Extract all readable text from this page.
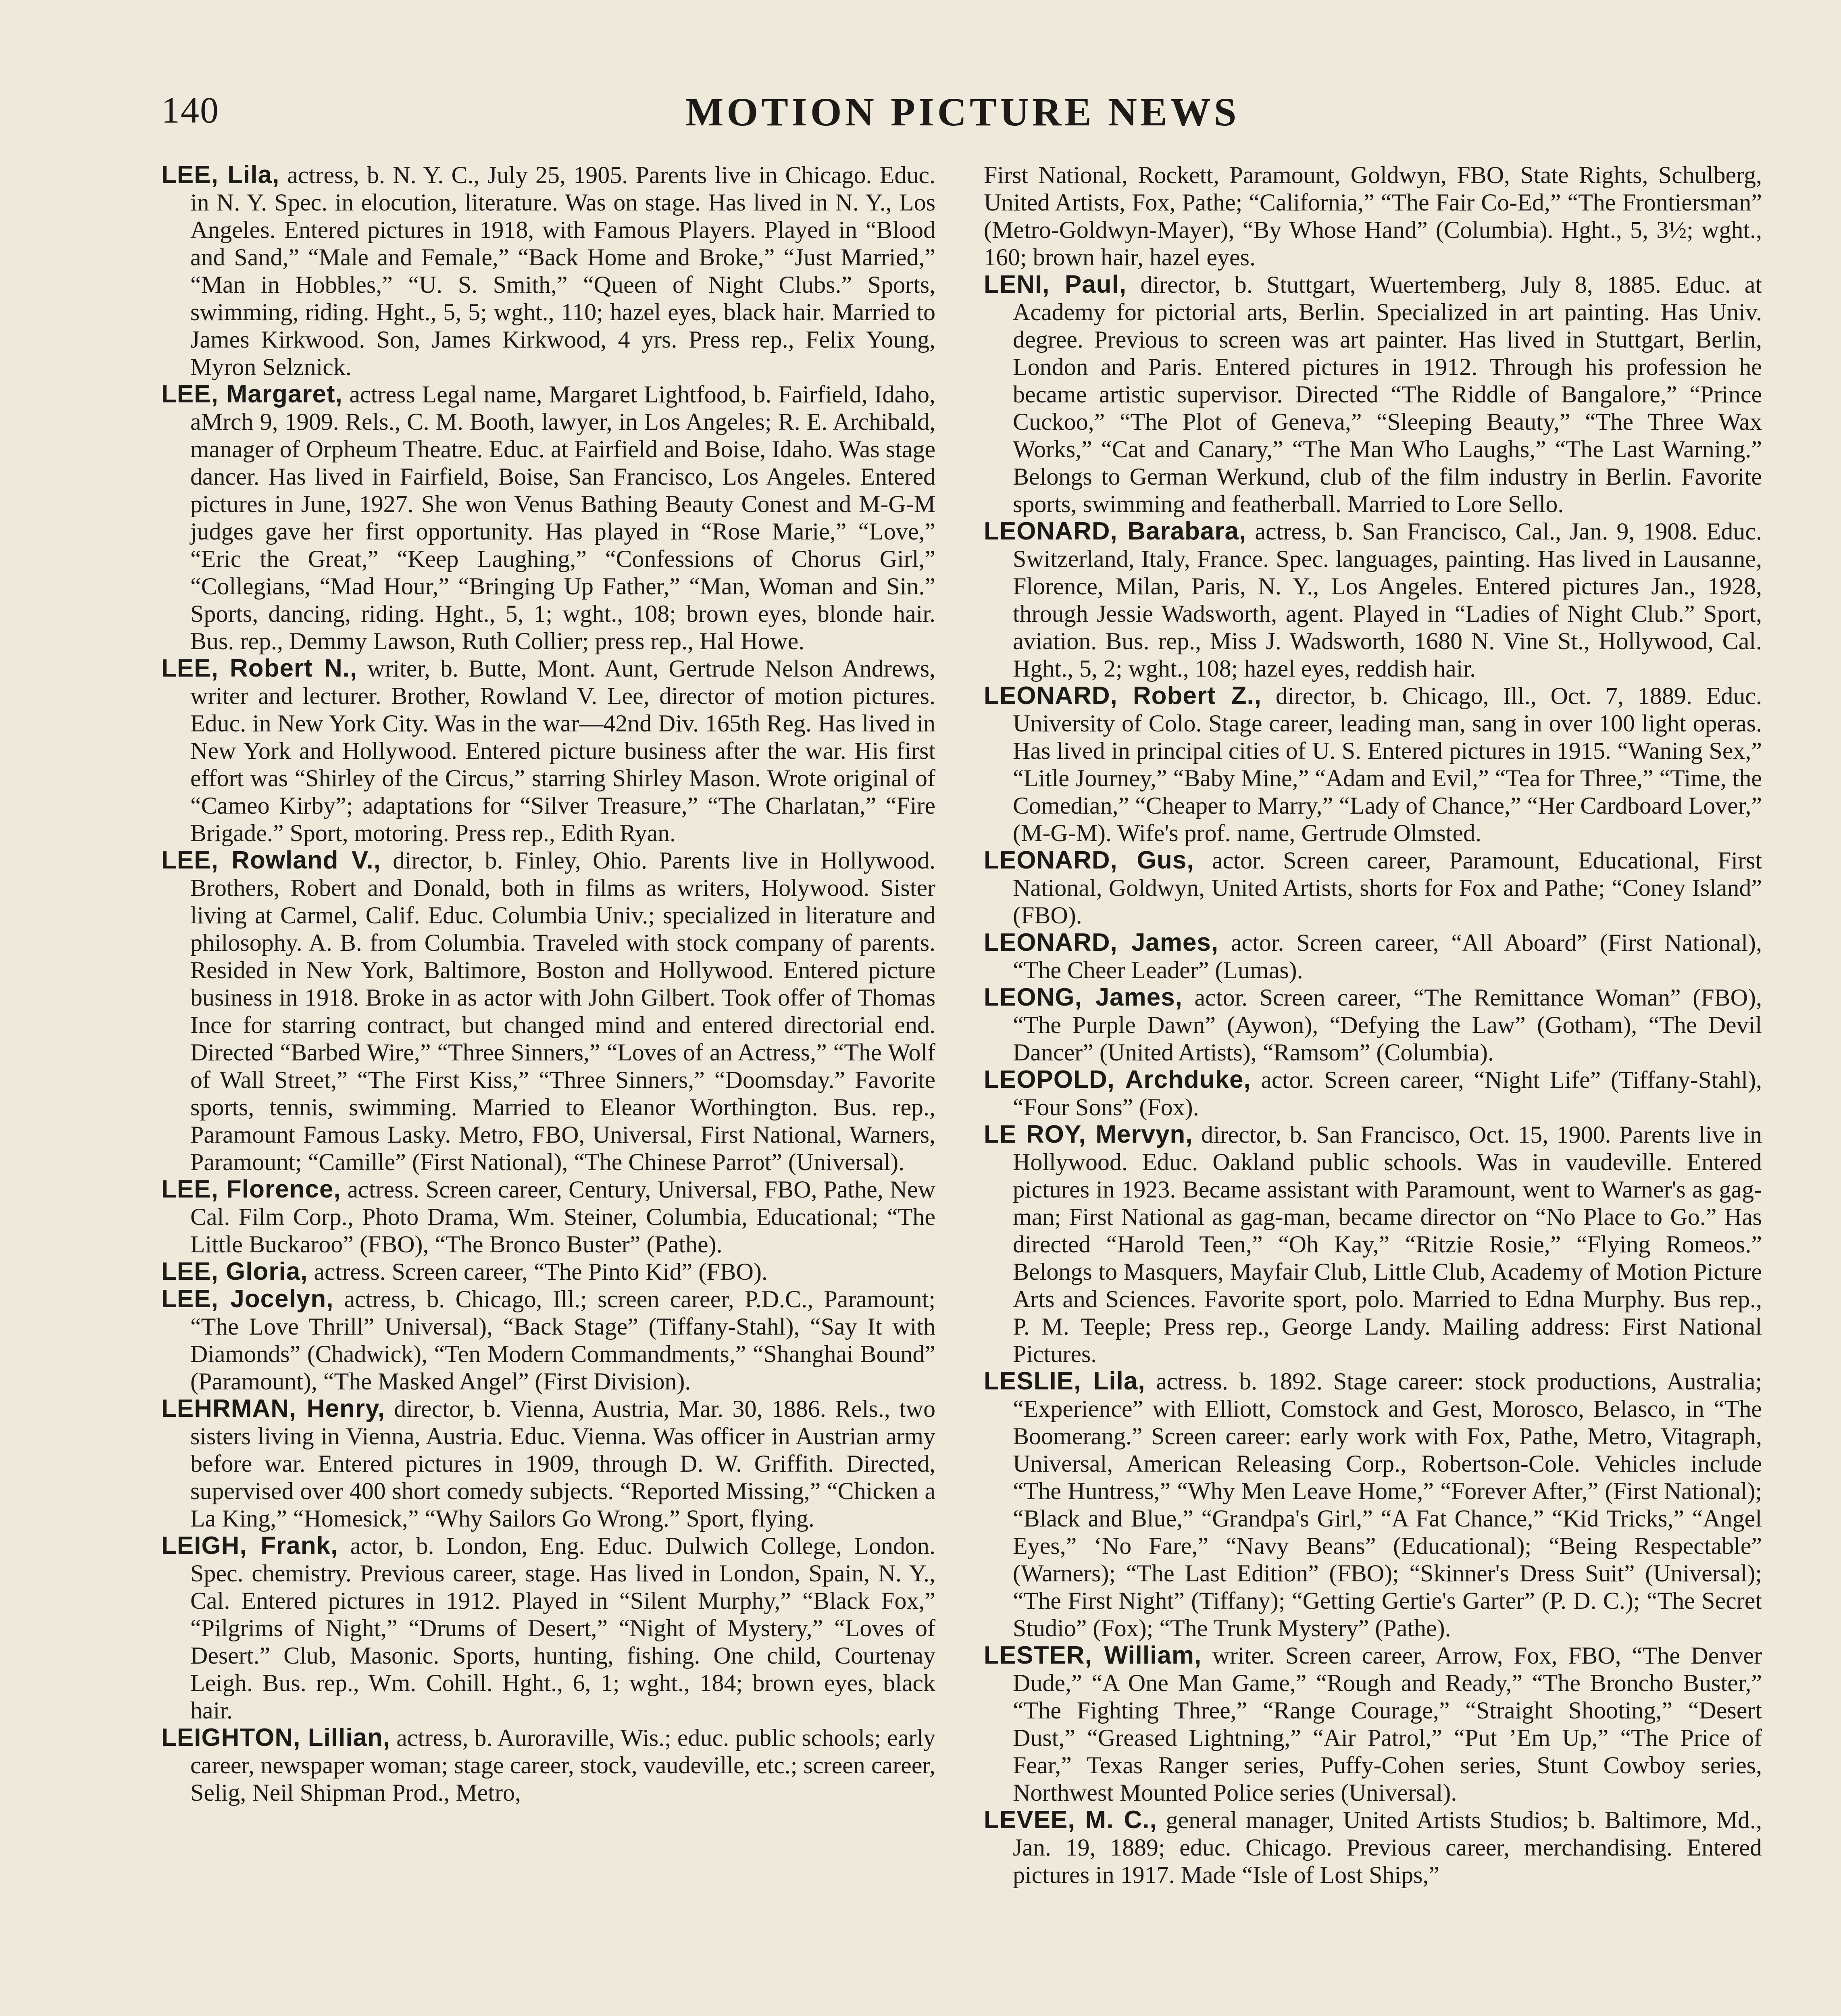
140	MOTION PICTURE NEWS

LEE, Lila, actress, b. N. Y. C., July 25, 1905. Parents live in Chicago. Educ. in N. Y. Spec. in elocution, literature. Was on stage. Has lived in N. Y., Los Angeles. Entered pictures in 1918, with Famous Players. Played in “Blood and Sand,” “Male and Female,” “Back Home and Broke,” “Just Married,” “Man in Hobbles,” “U. S. Smith,” “Queen of Night Clubs.” Sports, swimming, riding. Hght., 5, 5; wght., 110; hazel eyes, black hair. Married to James Kirkwood. Son, James Kirkwood, 4 yrs. Press rep., Felix Young, Myron Selznick.

LEE, Margaret, actress Legal name, Margaret Lightfood, b. Fairfield, Idaho, aMrch 9, 1909. Rels., C. M. Booth, lawyer, in Los Angeles; R. E. Archibald, manager of Orpheum Theatre. Educ. at Fairfield and Boise, Idaho. Was stage dancer. Has lived in Fairfield, Boise, San Francisco, Los Angeles. Entered pictures in June, 1927. She won Venus Bathing Beauty Conest and M-G-M judges gave her first opportunity. Has played in “Rose Marie,” “Love,” “Eric the Great,” “Keep Laughing,” “Confessions of Chorus Girl,” “Collegians, “Mad Hour,” “Bringing Up Father,” “Man, Woman and Sin.” Sports, dancing, riding. Hght., 5, 1; wght., 108; brown eyes, blonde hair. Bus. rep., Demmy Lawson, Ruth Collier; press rep., Hal Howe.

LEE, Robert N., writer, b. Butte, Mont. Aunt, Gertrude Nelson Andrews, writer and lecturer. Brother, Rowland V. Lee, director of motion pictures. Educ. in New York City. Was in the war—42nd Div. 165th Reg. Has lived in New York and Hollywood. Entered picture business after the war. His first effort was “Shirley of the Circus,” starring Shirley Mason. Wrote original of “Cameo Kirby”; adaptations for “Silver Treasure,” “The Charlatan,” “Fire Brigade.” Sport, motoring. Press rep., Edith Ryan.

LEE, Rowland V., director, b. Finley, Ohio. Parents live in Hollywood. Brothers, Robert and Donald, both in films as writers, Holywood. Sister living at Carmel, Calif. Educ. Columbia Univ.; specialized in literature and philosophy. A. B. from Columbia. Traveled with stock company of parents. Resided in New York, Baltimore, Boston and Hollywood. Entered picture business in 1918. Broke in as actor with John Gilbert. Took offer of Thomas Ince for starring contract, but changed mind and entered directorial end. Directed “Barbed Wire,” “Three Sinners,” “Loves of an Actress,” “The Wolf of Wall Street,” “The First Kiss,” “Three Sinners,” “Doomsday.” Favorite sports, tennis, swimming. Married to Eleanor Worthington. Bus. rep., Paramount Famous Lasky. Metro, FBO, Universal, First National, Warners, Paramount; “Camille” (First National), “The Chinese Parrot” (Universal).

LEE, Florence, actress. Screen career, Century, Universal, FBO, Pathe, New Cal. Film Corp., Photo Drama, Wm. Steiner, Columbia, Educational; “The Little Buckaroo” (FBO), “The Bronco Buster” (Pathe).

LEE, Gloria, actress. Screen career, “The Pinto Kid” (FBO).

LEE, Jocelyn, actress, b. Chicago, Ill.; screen career, P.D.C., Paramount; “The Love Thrill” Universal), “Back Stage” (Tiffany-Stahl), “Say It with Diamonds” (Chadwick), “Ten Modern Commandments,” “Shanghai Bound” (Paramount), “The Masked Angel” (First Division).

LEHRMAN, Henry, director, b. Vienna, Austria, Mar. 30, 1886. Rels., two sisters living in Vienna, Austria. Educ. Vienna. Was officer in Austrian army before war. Entered pictures in 1909, through D. W. Griffith. Directed, supervised over 400 short comedy subjects. “Reported Missing,” “Chicken a La King,” “Homesick,” “Why Sailors Go Wrong.” Sport, flying.

LEIGH, Frank, actor, b. London, Eng. Educ. Dulwich College, London. Spec. chemistry. Previous career, stage. Has lived in London, Spain, N. Y., Cal. Entered pictures in 1912. Played in “Silent Murphy,” “Black Fox,” “Pilgrims of Night,” “Drums of Desert,” “Night of Mystery,” “Loves of Desert.” Club, Masonic. Sports, hunting, fishing. One child, Courtenay Leigh. Bus. rep., Wm. Cohill. Hght., 6, 1; wght., 184; brown eyes, black hair.

LEIGHTON, Lillian, actress, b. Auroraville, Wis.; educ. public schools; early career, newspaper woman; stage career, stock, vaudeville, etc.; screen career, Selig, Neil Shipman Prod., Metro,

First National, Rockett, Paramount, Goldwyn, FBO, State Rights, Schulberg, United Artists, Fox, Pathe; “California,” “The Fair Co-Ed,” “The Frontiersman” (Metro-Goldwyn-Mayer), “By Whose Hand” (Columbia). Hght., 5, 3½; wght., 160; brown hair, hazel eyes.

LENI, Paul, director, b. Stuttgart, Wuertemberg, July 8, 1885. Educ. at Academy for pictorial arts, Berlin. Specialized in art painting. Has Univ. degree. Previous to screen was art painter. Has lived in Stuttgart, Berlin, London and Paris. Entered pictures in 1912. Through his profession he became artistic supervisor. Directed “The Riddle of Bangalore,” “Prince Cuckoo,” “The Plot of Geneva,” “Sleeping Beauty,” “The Three Wax Works,” “Cat and Canary,” “The Man Who Laughs,” “The Last Warning.” Belongs to German Werkund, club of the film industry in Berlin. Favorite sports, swimming and featherball. Married to Lore Sello.

LEONARD, Barabara, actress, b. San Francisco, Cal., Jan. 9, 1908. Educ. Switzerland, Italy, France. Spec. languages, painting. Has lived in Lausanne, Florence, Milan, Paris, N. Y., Los Angeles. Entered pictures Jan., 1928, through Jessie Wadsworth, agent. Played in “Ladies of Night Club.” Sport, aviation. Bus. rep., Miss J. Wadsworth, 1680 N. Vine St., Hollywood, Cal. Hght., 5, 2; wght., 108; hazel eyes, reddish hair.

LEONARD, Robert Z., director, b. Chicago, Ill., Oct. 7, 1889. Educ. University of Colo. Stage career, leading man, sang in over 100 light operas. Has lived in principal cities of U. S. Entered pictures in 1915. “Waning Sex,” “Litle Journey,” “Baby Mine,” “Adam and Evil,” “Tea for Three,” “Time, the Comedian,” “Cheaper to Marry,” “Lady of Chance,” “Her Cardboard Lover,” (M-G-M). Wife's prof. name, Gertrude Olmsted.

LEONARD, Gus, actor. Screen career, Paramount, Educational, First National, Goldwyn, United Artists, shorts for Fox and Pathe; “Coney Island” (FBO).

LEONARD, James, actor. Screen career, “All Aboard” (First National), “The Cheer Leader” (Lumas).

LEONG, James, actor. Screen career, “The Remittance Woman” (FBO), “The Purple Dawn” (Aywon), “Defying the Law” (Gotham), “The Devil Dancer” (United Artists), “Ramsom” (Columbia).

LEOPOLD, Archduke, actor. Screen career, “Night Life” (Tiffany-Stahl), “Four Sons” (Fox).

LE ROY, Mervyn, director, b. San Francisco, Oct. 15, 1900. Parents live in Hollywood. Educ. Oakland public schools. Was in vaudeville. Entered pictures in 1923. Became assistant with Paramount, went to Warner's as gag-man; First National as gag-man, became director on “No Place to Go.” Has directed “Harold Teen,” “Oh Kay,” “Ritzie Rosie,” “Flying Romeos.” Belongs to Masquers, Mayfair Club, Little Club, Academy of Motion Picture Arts and Sciences. Favorite sport, polo. Married to Edna Murphy. Bus rep., P. M. Teeple; Press rep., George Landy. Mailing address: First National Pictures.

LESLIE, Lila, actress. b. 1892. Stage career: stock productions, Australia; “Experience” with Elliott, Comstock and Gest, Morosco, Belasco, in “The Boomerang.” Screen career: early work with Fox, Pathe, Metro, Vitagraph, Universal, American Releasing Corp., Robertson-Cole. Vehicles include “The Huntress,” “Why Men Leave Home,” “Forever After,” (First National); “Black and Blue,” “Grandpa's Girl,” “A Fat Chance,” “Kid Tricks,” “Angel Eyes,” ‘No Fare,” “Navy Beans” (Educational); “Being Respectable” (Warners); “The Last Edition” (FBO); “Skinner's Dress Suit” (Universal); “The First Night” (Tiffany); “Getting Gertie's Garter” (P. D. C.); “The Secret Studio” (Fox); “The Trunk Mystery” (Pathe).

LESTER, William, writer. Screen career, Arrow, Fox, FBO, “The Denver Dude,” “A One Man Game,” “Rough and Ready,” “The Broncho Buster,” “The Fighting Three,” “Range Courage,” “Straight Shooting,” “Desert Dust,” “Greased Lightning,” “Air Patrol,” “Put ’Em Up,” “The Price of Fear,” Texas Ranger series, Puffy-Cohen series, Stunt Cowboy series, Northwest Mounted Police series (Universal).

LEVEE, M. C., general manager, United Artists Studios; b. Baltimore, Md., Jan. 19, 1889; educ. Chicago. Previous career, merchandising. Entered pictures in 1917. Made “Isle of Lost Ships,”
